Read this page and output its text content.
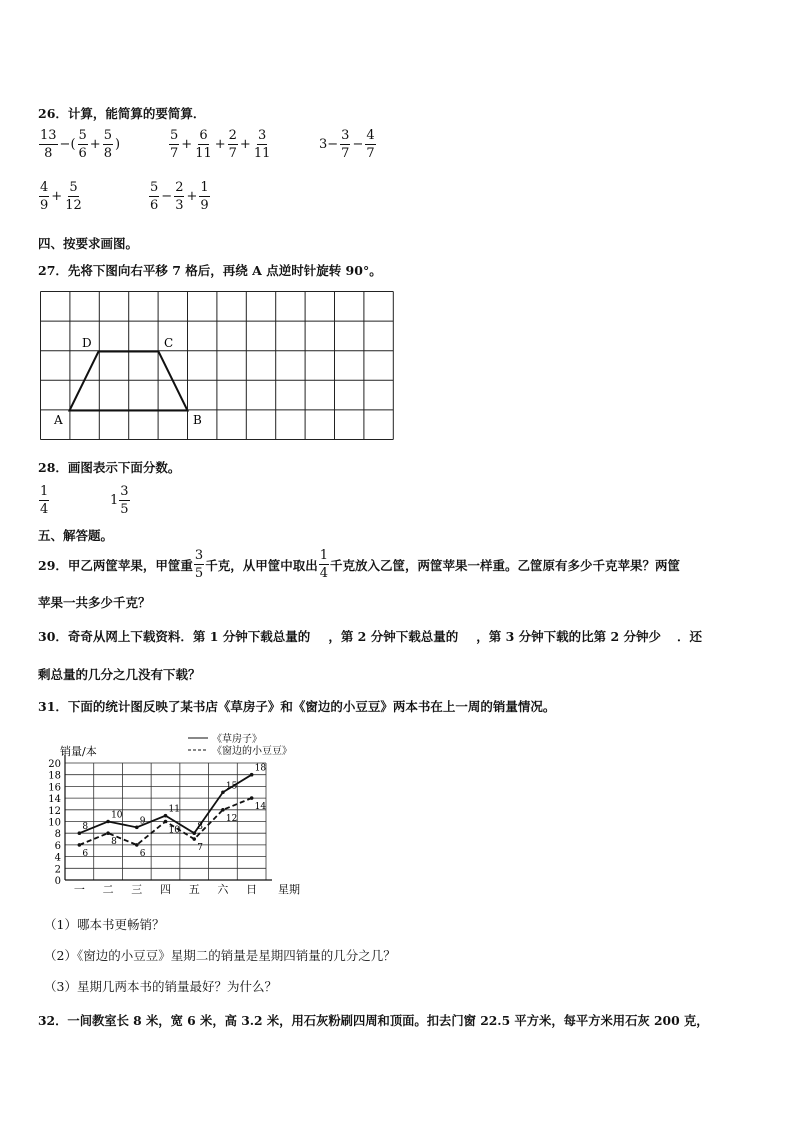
26．计算，能简算的要简算．
$\frac{13}{8}$ −( $\frac{5}{6} + \frac{5}{8}$ )	$\frac{5}{7} + \frac{6}{11} + \frac{2}{7} + \frac{3}{11}$	$3- \frac{3}{7} - \frac{4}{7}$
$\frac{4}{9} + \frac{5}{12}$	$\frac{5}{6} - \frac{2}{3} + \frac{1}{9}$
四、按要求画图。
27．先将下图向右平移 7 格后，再绕 A 点逆时针旋转 90°。
A	B
C
D
28．画图表示下面分数。
$\frac{1}{4}$	$1 \frac{3}{5}$
五、解答题。
29．甲乙两筐苹果，甲筐重 $\frac{3}{5}$ 千克，从甲筐中取出 $\frac{1}{4}$ 千克放入乙筐，两筐苹果一样重。乙筐原有多少千克苹果？两筐
苹果一共多少千克？
30．奇奇从网上下载资料．第 1 分钟下载总量的 ，第 2 分钟下载总量的 ，第 3 分钟下载的比第 2 分钟少 ．还
剩总量的几分之几没有下载？
31．下面的统计图反映了某书店《草房子》和《窗边的小豆豆》两本书在上一周的销量情况。
0
2
4
6
8
10
12
14
16
18
20
一 二 三 四 五 六 日
8
10
9
11
8
15
18
6
8
6
10
7
12
14
销量/本
星期
《草房子》
《窗边的小豆豆》
（1）哪本书更畅销？
（2）《窗边的小豆豆》星期二的销量是星期四销量的几分之几？
（3）星期几两本书的销量最好？为什么？
32．一间教室长 8 米，宽 6 米，高 3.2 米，用石灰粉刷四周和顶面。扣去门窗 22.5 平方米，每平方米用石灰 200 克，
